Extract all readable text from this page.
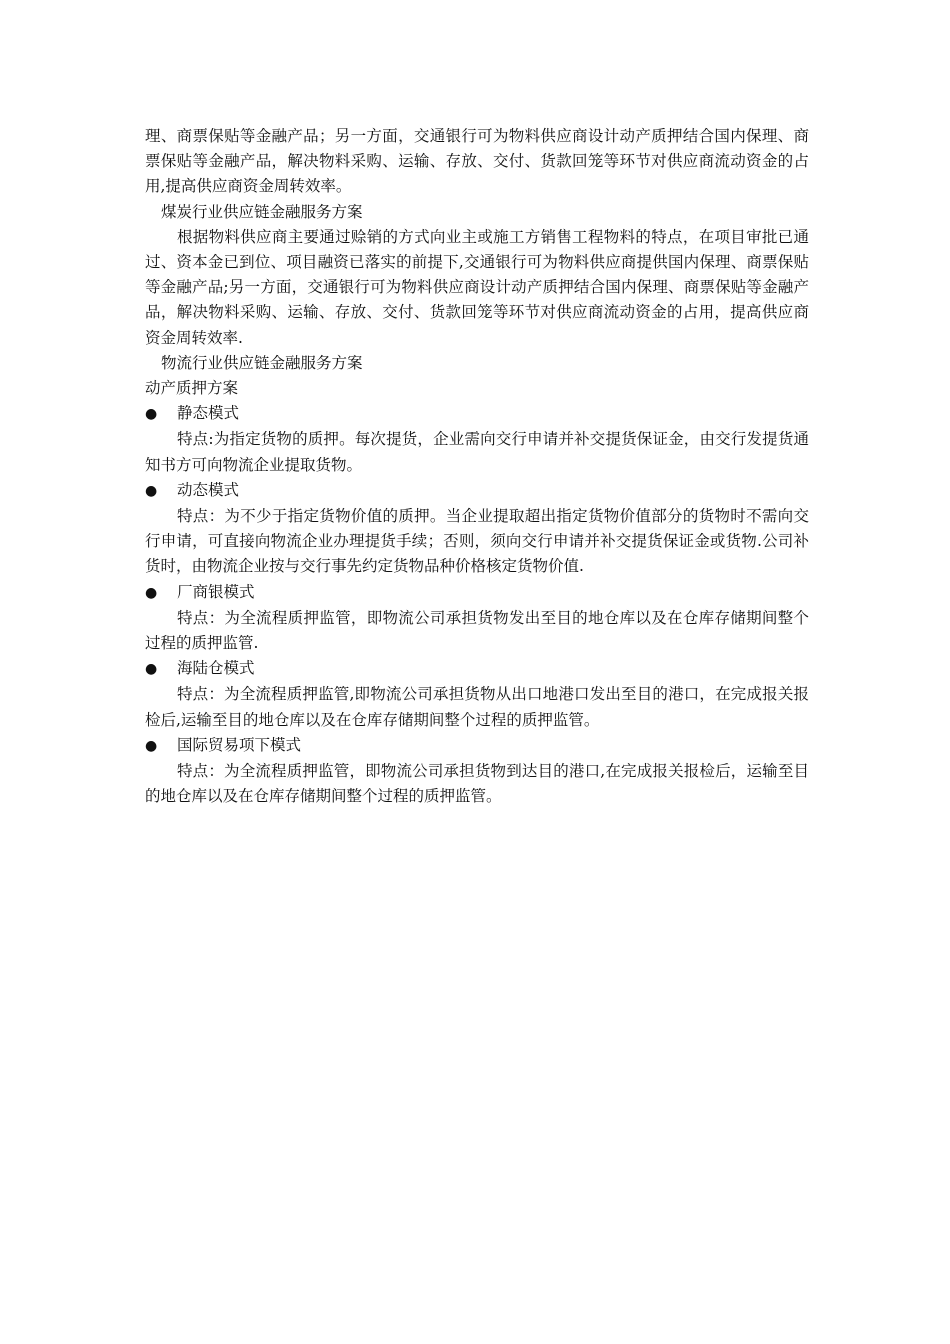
理、商票保贴等金融产品；另一方面，交通银行可为物料供应商设计动产质押结合国内保理、商票保贴等金融产品，解决物料采购、运输、存放、交付、货款回笼等环节对供应商流动资金的占用,提高供应商资金周转效率。

煤炭行业供应链金融服务方案

根据物料供应商主要通过赊销的方式向业主或施工方销售工程物料的特点，在项目审批已通过、资本金已到位、项目融资已落实的前提下,交通银行可为物料供应商提供国内保理、商票保贴等金融产品;另一方面，交通银行可为物料供应商设计动产质押结合国内保理、商票保贴等金融产品，解决物料采购、运输、存放、交付、货款回笼等环节对供应商流动资金的占用，提高供应商资金周转效率.

物流行业供应链金融服务方案

动产质押方案

●	静态模式

特点:为指定货物的质押。每次提货，企业需向交行申请并补交提货保证金，由交行发提货通知书方可向物流企业提取货物。

●	动态模式

特点：为不少于指定货物价值的质押。当企业提取超出指定货物价值部分的货物时不需向交行申请，可直接向物流企业办理提货手续；否则，须向交行申请并补交提货保证金或货物.公司补货时，由物流企业按与交行事先约定货物品种价格核定货物价值.

●	厂商银模式

特点：为全流程质押监管，即物流公司承担货物发出至目的地仓库以及在仓库存储期间整个过程的质押监管.

●	海陆仓模式

特点：为全流程质押监管,即物流公司承担货物从出口地港口发出至目的港口，在完成报关报检后,运输至目的地仓库以及在仓库存储期间整个过程的质押监管。

●	国际贸易项下模式

特点：为全流程质押监管，即物流公司承担货物到达目的港口,在完成报关报检后，运输至目的地仓库以及在仓库存储期间整个过程的质押监管。
